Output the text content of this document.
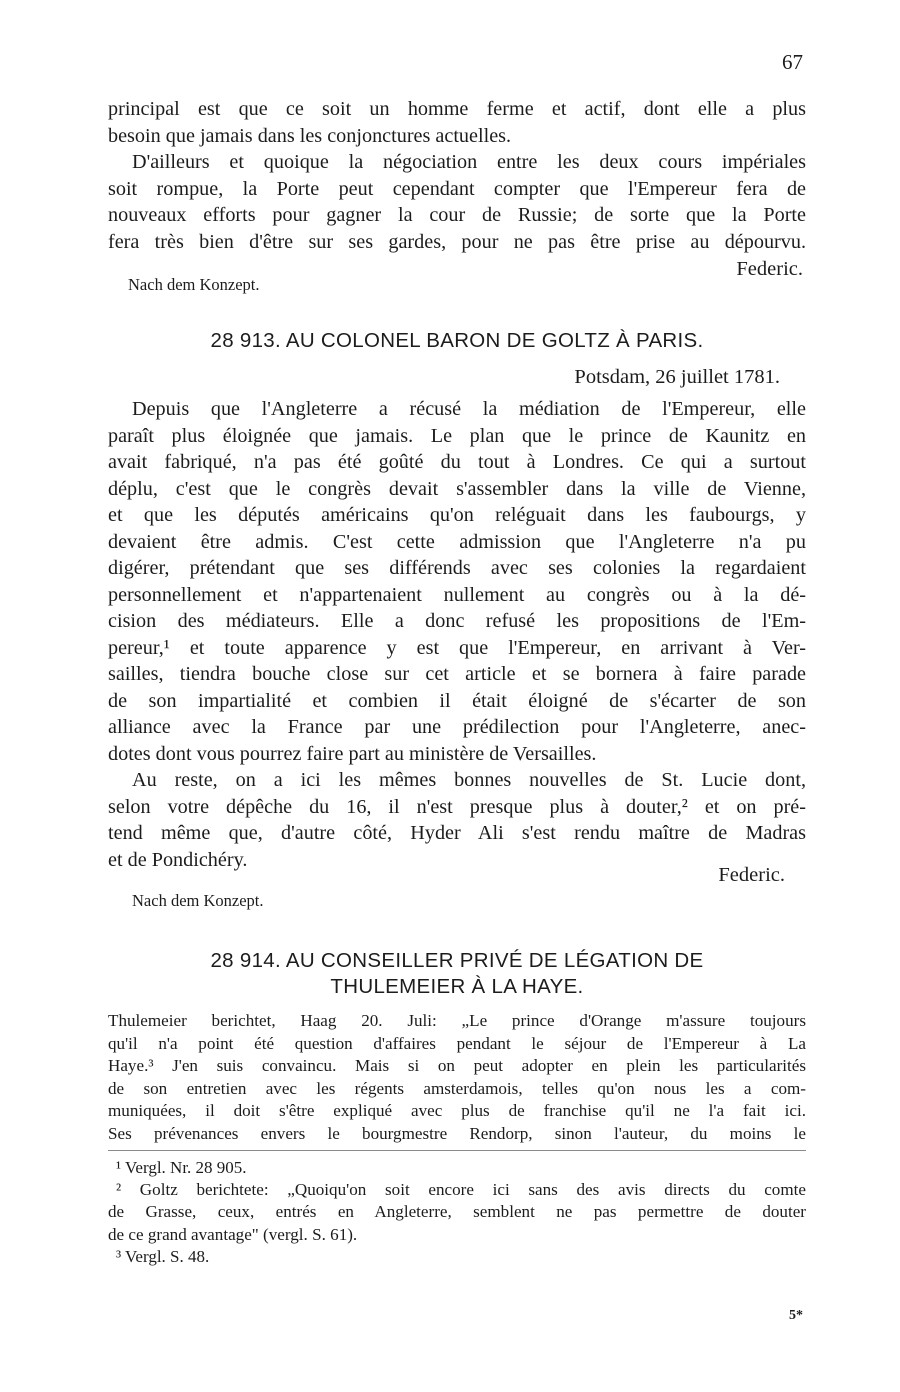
67
principal est que ce soit un homme ferme et actif, dont elle a plus
besoin que jamais dans les conjonctures actuelles.
D'ailleurs et quoique la négociation entre les deux cours impériales
soit rompue, la Porte peut cependant compter que l'Empereur fera de
nouveaux efforts pour gagner la cour de Russie; de sorte que la Porte
fera très bien d'être sur ses gardes, pour ne pas être prise au dépourvu.
Federic.
Nach dem Konzept.
28 913. AU COLONEL BARON DE GOLTZ À PARIS.
Potsdam, 26 juillet 1781.
Depuis que l'Angleterre a récusé la médiation de l'Empereur, elle
paraît plus éloignée que jamais. Le plan que le prince de Kaunitz en
avait fabriqué, n'a pas été goûté du tout à Londres. Ce qui a surtout
déplu, c'est que le congrès devait s'assembler dans la ville de Vienne,
et que les députés américains qu'on reléguait dans les faubourgs, y
devaient être admis. C'est cette admission que l'Angleterre n'a pu
digérer, prétendant que ses différends avec ses colonies la regardaient
personnellement et n'appartenaient nullement au congrès ou à la dé-
cision des médiateurs. Elle a donc refusé les propositions de l'Em-
pereur,¹ et toute apparence y est que l'Empereur, en arrivant à Ver-
sailles, tiendra bouche close sur cet article et se bornera à faire parade
de son impartialité et combien il était éloigné de s'écarter de son
alliance avec la France par une prédilection pour l'Angleterre, anec-
dotes dont vous pourrez faire part au ministère de Versailles.
Au reste, on a ici les mêmes bonnes nouvelles de St. Lucie dont,
selon votre dépêche du 16, il n'est presque plus à douter,² et on pré-
tend même que, d'autre côté, Hyder Ali s'est rendu maître de Madras
et de Pondichéry.
Federic.
Nach dem Konzept.
28 914. AU CONSEILLER PRIVÉ DE LÉGATION DE
THULEMEIER À LA HAYE.
Thulemeier berichtet, Haag 20. Juli: „Le prince d'Orange m'assure toujours
qu'il n'a point été question d'affaires pendant le séjour de l'Empereur à La
Haye.³ J'en suis convaincu. Mais si on peut adopter en plein les particularités
de son entretien avec les régents amsterdamois, telles qu'on nous les a com-
muniquées, il doit s'être expliqué avec plus de franchise qu'il ne l'a fait ici.
Ses prévenances envers le bourgmestre Rendorp, sinon l'auteur, du moins le
¹ Vergl. Nr. 28 905.
² Goltz berichtete: „Quoiqu'on soit encore ici sans des avis directs du comte
de Grasse, ceux, entrés en Angleterre, semblent ne pas permettre de douter
de ce grand avantage" (vergl. S. 61).
³ Vergl. S. 48.
5*
